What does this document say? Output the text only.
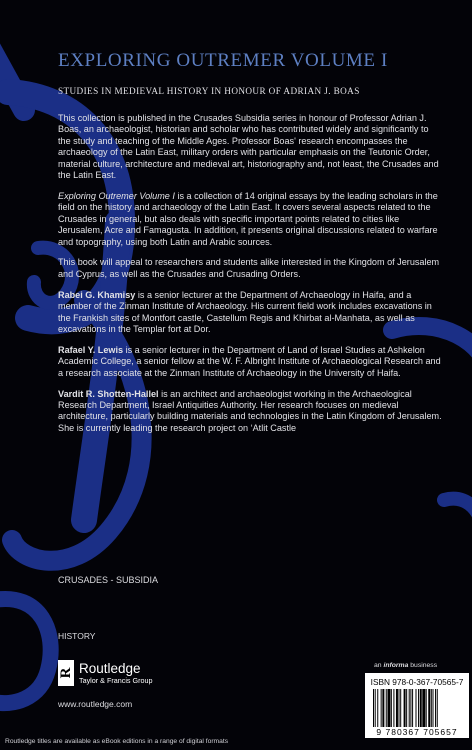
EXPLORING OUTREMER VOLUME I
STUDIES IN MEDIEVAL HISTORY IN HONOUR OF ADRIAN J. BOAS

This collection is published in the Crusades Subsidia series in honour of Professor Adrian J. Boas, an archaeologist, historian and scholar who has contributed widely and significantly to the study and teaching of the Middle Ages. Professor Boas' research encompasses the archaeology of the Latin East, military orders with particular emphasis on the Teutonic Order, material culture, architecture and medieval art, historiography and, not least, the Crusades and the Latin East.

Exploring Outremer Volume I is a collection of 14 original essays by the leading scholars in the field on the history and archaeology of the Latin East. It covers several aspects related to the Crusades in general, but also deals with specific important points related to cities like Jerusalem, Acre and Famagusta. In addition, it presents original discussions related to warfare and topography, using both Latin and Arabic sources.

This book will appeal to researchers and students alike interested in the Kingdom of Jerusalem and Cyprus, as well as the Crusades and Crusading Orders.

Rabei G. Khamisy is a senior lecturer at the Department of Archaeology in Haifa, and a member of the Zinman Institute of Archaeology. His current field work includes excavations in the Frankish sites of Montfort castle, Castellum Regis and Khirbat al-Manhata, as well as excavations in the Templar fort at Dor.

Rafael Y. Lewis is a senior lecturer in the Department of Land of Israel Studies at Ashkelon Academic College, a senior fellow at the W. F. Albright Institute of Archaeological Research and a research associate at the Zinman Institute of Archaeology in the University of Haifa.

Vardit R. Shotten-Hallel is an architect and archaeologist working in the Archaeological Research Department, Israel Antiquities Authority. Her research focuses on medieval architecture, particularly building materials and technologies in the Latin Kingdom of Jerusalem. She is currently leading the research project on ‘Atlit Castle

CRUSADES - SUBSIDIA
HISTORY
R Routledge
Taylor & Francis Group
www.routledge.com
an informa business
ISBN 978-0-367-70565-7
9 780367 705657
Routledge titles are available as eBook editions in a range of digital formats
